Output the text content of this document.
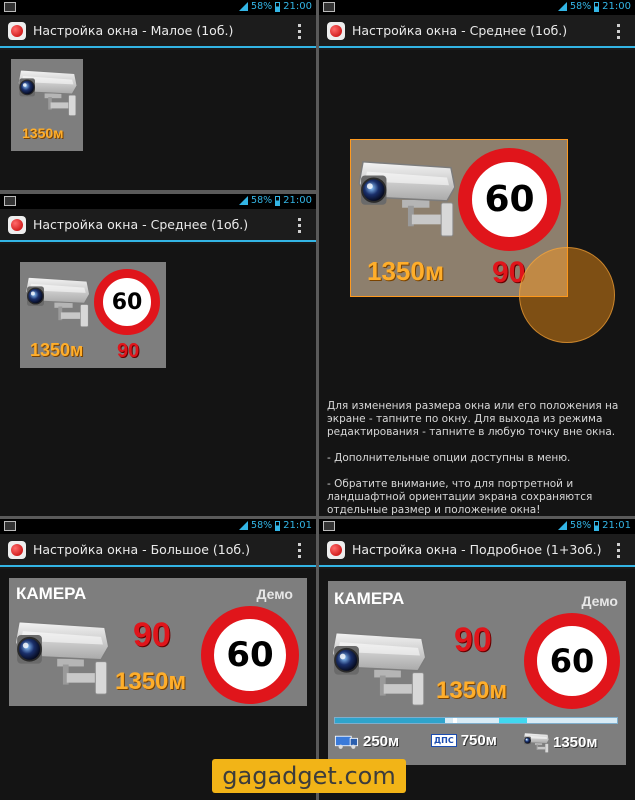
58% 21:00
Настройка окна - Малое (1об.)
1350м
58% 21:00
Настройка окна - Среднее (1об.)
60
1350м 90
58% 21:00
Настройка окна - Среднее (1об.)
60
1350м 90

Для изменения размера окна или его положения на экране - тапните по окну. Для выхода из режима редактирования - тапните в любую точку вне окна.

- Дополнительные опции доступны в меню.

- Обратите внимание, что для портретной и ландшафтной ориентации экрана сохраняются отдельные размер и положение окна!

58% 21:01
Настройка окна - Большое (1об.)
КАМЕРА	Демо
90
1350м
60
58% 21:01
Настройка окна - Подробное (1+3об.)
КАМЕРА	Демо
90
1350м
60
250м	ДПС 750м	1350м
gagadget.com
